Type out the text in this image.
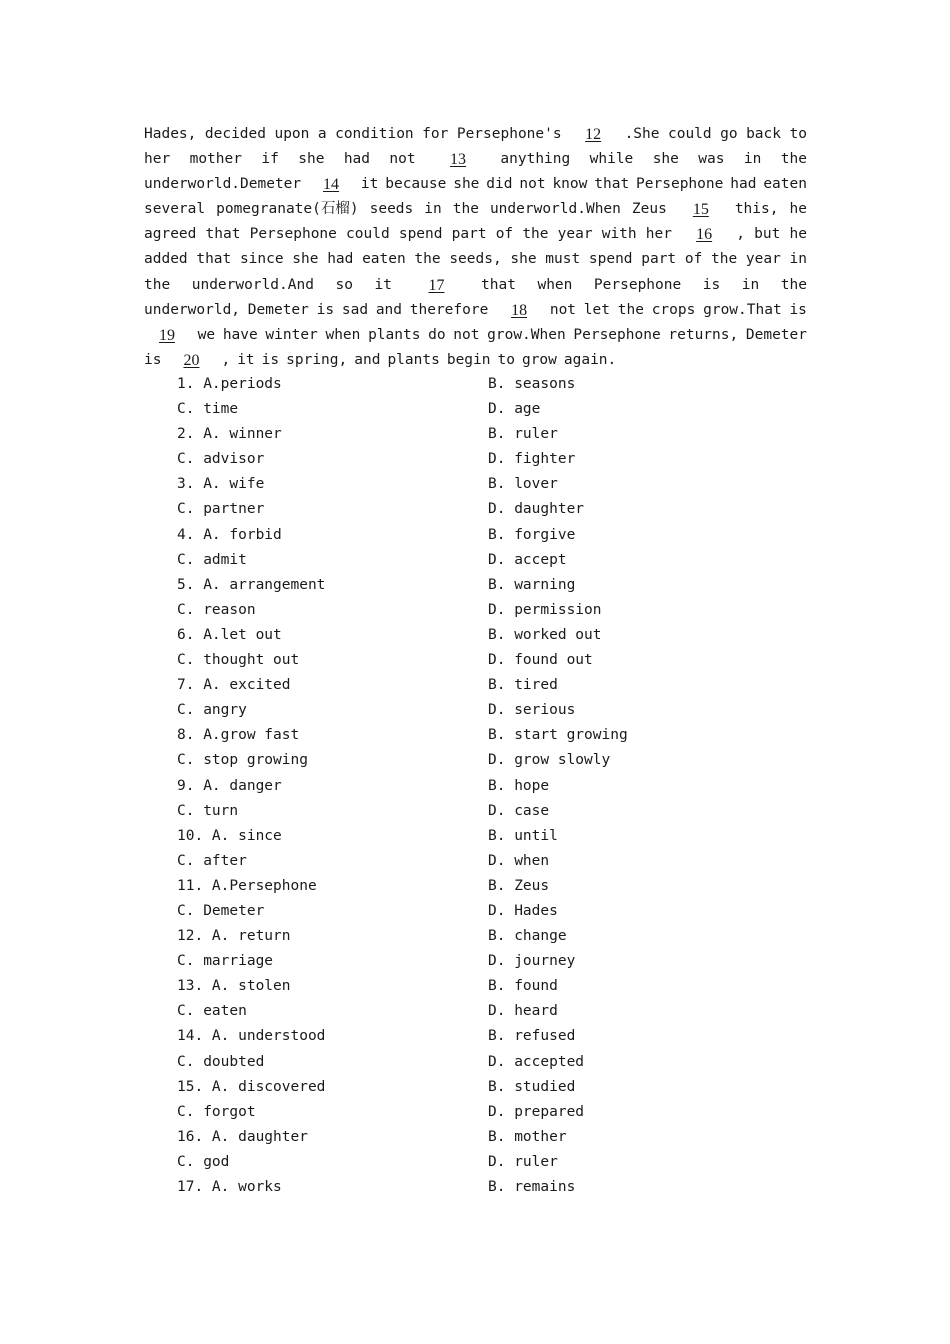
Hades, decided upon a condition for Persephone's	12	.She could go back to
her mother if she had not	13	anything while she was in the
underworld.Demeter	14	it because she did not know that Persephone had eaten
several pomegranate(石榴) seeds in the underworld.When Zeus	15	this, he
agreed that Persephone could spend part of the year with her	16	, but he
added that since she had eaten the seeds, she must spend part of the year in
the underworld.And so it	17	that when Persephone is in the
underworld, Demeter is sad and therefore	18	not let the crops grow.That is
19	we have winter when plants do not grow.When Persephone returns, Demeter
is	20	, it is spring, and plants begin to grow again.
1. A.periods	B. seasons
C. time	D. age
2. A. winner	B. ruler
C. advisor	D. fighter
3. A. wife	B. lover
C. partner	D. daughter
4. A. forbid	B. forgive
C. admit	D. accept
5. A. arrangement	B. warning
C. reason	D. permission
6. A.let out	B. worked out
C. thought out	D. found out
7. A. excited	B. tired
C. angry	D. serious
8. A.grow fast	B. start growing
C. stop growing	D. grow slowly
9. A. danger	B. hope
C. turn	D. case
10. A. since	B. until
C. after	D. when
11. A.Persephone	B. Zeus
C. Demeter	D. Hades
12. A. return	B. change
C. marriage	D. journey
13. A. stolen	B. found
C. eaten	D. heard
14. A. understood	B. refused
C. doubted	D. accepted
15. A. discovered	B. studied
C. forgot	D. prepared
16. A. daughter	B. mother
C. god	D. ruler
17. A. works	B. remains
